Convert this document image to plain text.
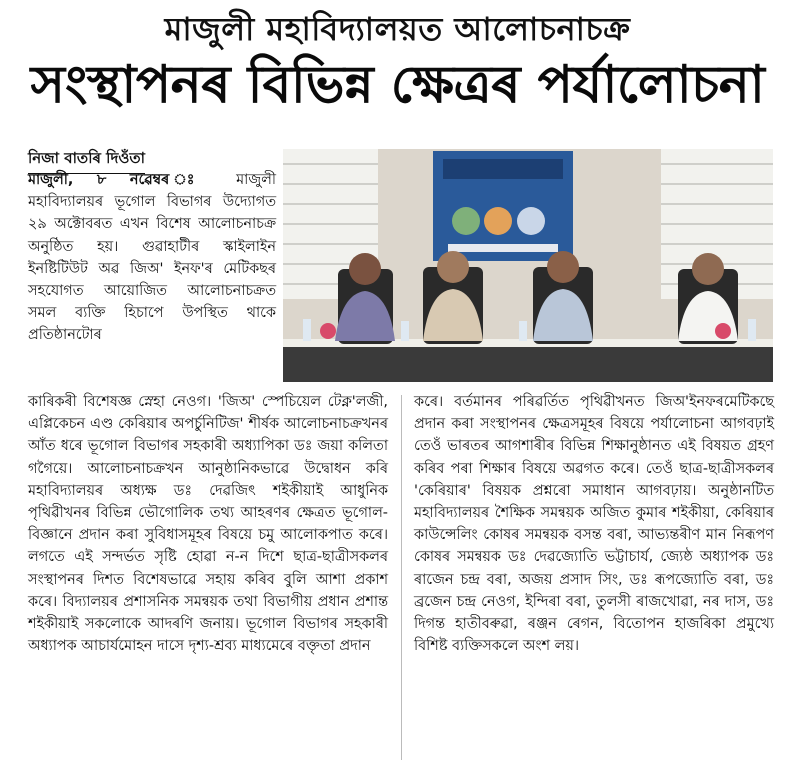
মাজুলী মহাবিদ্যালয়ত আলোচনাচক্ৰ
সংস্থাপনৰ বিভিন্ন ক্ষেত্ৰৰ পৰ্যালোচনা
নিজা বাতৰি দিওঁতা

মাজুলী, ৮ নৱেম্বৰ ঃ মাজুলী মহাবিদ্যালয়ৰ ভূগোল বিভাগৰ উদ্যোগত ২৯ অক্টোবৰত এখন বিশেষ আলোচনাচক্ৰ অনুষ্ঠিত হয়। গুৱাহাটীৰ স্কাইলাইন ইনষ্টিটিউট অৱ জিঅ' ইনফ'ৰ মেটিকছৰ সহযোগত আয়োজিত আলোচনাচক্ৰত সমল ব্যক্তি হিচাপে উপস্থিত থাকে প্ৰতিষ্ঠানটোৰ

কাৰিকৰী বিশেষজ্ঞ স্নেহা নেওগ। 'জিঅ' স্পেচিয়েল টেক্ন'লজী, এপ্লিকেচন এণ্ড কেৰিয়াৰ অপৰ্চুনিটিজ' শীৰ্ষক আলোচনাচক্ৰখনৰ আঁত ধৰে ভূগোল বিভাগৰ সহকাৰী অধ্যাপিকা ডঃ জয়া কলিতা গগৈয়ে। আলোচনাচক্ৰখন আনুষ্ঠানিকভাৱে উদ্বোধন কৰি মহাবিদ্যালয়ৰ অধ্যক্ষ ডঃ দেৱজিৎ শইকীয়াই আধুনিক পৃথিৱীখনৰ বিভিন্ন ভৌগোলিক তথ্য আহৰণৰ ক্ষেত্ৰত ভূগোল-বিজ্ঞানে প্ৰদান কৰা সুবিধাসমূহৰ বিষয়ে চমু আলোকপাত কৰে। লগতে এই সন্দৰ্ভত সৃষ্টি হোৱা ন-ন দিশে ছাত্ৰ-ছাত্ৰীসকলৰ সংস্থাপনৰ দিশত বিশেষভাৱে সহায় কৰিব বুলি আশা প্ৰকাশ কৰে। বিদ্যালয়ৰ প্ৰশাসনিক সমন্বয়ক তথা বিভাগীয় প্ৰধান প্ৰশান্ত শইকীয়াই সকলোকে আদৰণি জনায়। ভূগোল বিভাগৰ সহকাৰী অধ্যাপক আচাৰ্যমোহন দাসে দৃশ্য-শ্ৰব্য মাধ্যমেৰে বক্তৃতা প্ৰদান

কৰে। বৰ্তমানৰ পৰিৱৰ্তিত পৃথিৱীখনত জিঅ'ইনফৰমেটিকছে প্ৰদান কৰা সংস্থাপনৰ ক্ষেত্ৰসমূহৰ বিষয়ে পৰ্যালোচনা আগবঢ়াই তেওঁ ভাৰতৰ আগশাৰীৰ বিভিন্ন শিক্ষানুষ্ঠানত এই বিষয়ত গ্ৰহণ কৰিব পৰা শিক্ষাৰ বিষয়ে অৱগত কৰে। তেওঁ ছাত্ৰ-ছাত্ৰীসকলৰ 'কেৰিয়াৰ' বিষয়ক প্ৰশ্নৰো সমাধান আগবঢ়ায়। অনুষ্ঠানটিত মহাবিদ্যালয়ৰ শৈক্ষিক সমন্বয়ক অজিত কুমাৰ শইকীয়া, কেৰিয়াৰ কাউন্সেলিং কোষৰ সমন্বয়ক বসন্ত বৰা, আভ্যন্তৰীণ মান নিৰূপণ কোষৰ সমন্বয়ক ডঃ দেৱজ্যোতি ভট্টাচাৰ্য, জ্যেষ্ঠ অধ্যাপক ডঃ ৰাজেন চন্দ্ৰ বৰা, অজয় প্ৰসাদ সিং, ডঃ ৰূপজ্যোতি বৰা, ডঃ ব্ৰজেন চন্দ্ৰ নেওগ, ইন্দিৰা বৰা, তুলসী ৰাজখোৱা, নৰ দাস, ডঃ দিগন্ত হাতীবৰুৱা, ৰঞ্জন ৰেগন, বিতোপন হাজৰিকা প্ৰমুখ্যে বিশিষ্ট ব্যক্তিসকলে অংশ লয়।
